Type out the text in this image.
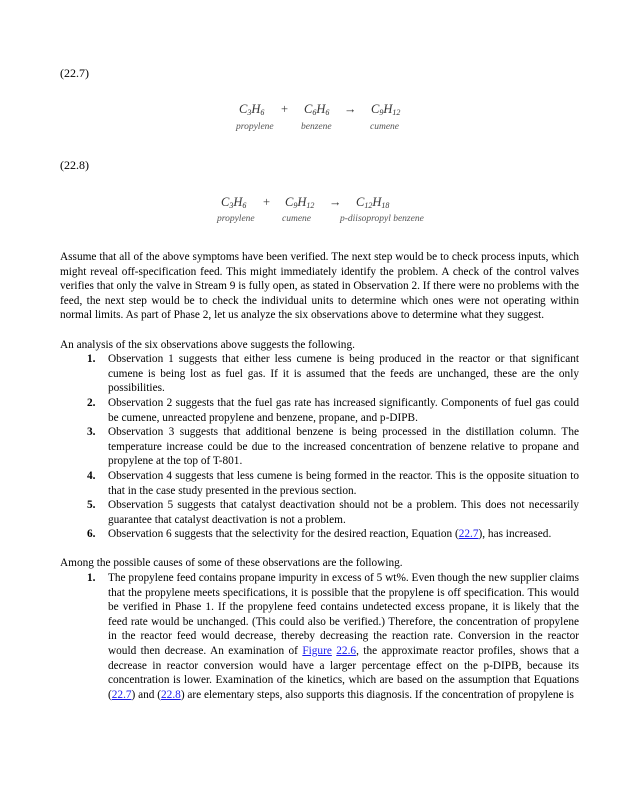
(22.7)
$C_3H_6 + C_6H_6 \to C_9H_{12}$
propylene	benzene	cumene
(22.8)
$C_3H_6 + C_9H_{12} \to C_{12}H_{18}$
propylene	cumene	p-diisopropyl benzene

Assume that all of the above symptoms have been verified. The next step would be to check process inputs, which might reveal off-specification feed. This might immediately identify the problem. A check of the control valves verifies that only the valve in Stream 9 is fully open, as stated in Observation 2. If there were no problems with the feed, the next step would be to check the individual units to determine which ones were not operating within normal limits. As part of Phase 2, let us analyze the six observations above to determine what they suggest.

An analysis of the six observations above suggests the following.

1. Observation 1 suggests that either less cumene is being produced in the reactor or that significant cumene is being lost as fuel gas. If it is assumed that the feeds are unchanged, these are the only possibilities.
2. Observation 2 suggests that the fuel gas rate has increased significantly. Components of fuel gas could be cumene, unreacted propylene and benzene, propane, and p-DIPB.
3. Observation 3 suggests that additional benzene is being processed in the distillation column. The temperature increase could be due to the increased concentration of benzene relative to propane and propylene at the top of T-801.
4. Observation 4 suggests that less cumene is being formed in the reactor. This is the opposite situation to that in the case study presented in the previous section.
5. Observation 5 suggests that catalyst deactivation should not be a problem. This does not necessarily guarantee that catalyst deactivation is not a problem.
6. Observation 6 suggests that the selectivity for the desired reaction, Equation (22.7), has increased.

Among the possible causes of some of these observations are the following.

1. The propylene feed contains propane impurity in excess of 5 wt%. Even though the new supplier claims that the propylene meets specifications, it is possible that the propylene is off specification. This would be verified in Phase 1. If the propylene feed contains undetected excess propane, it is likely that the feed rate would be unchanged. (This could also be verified.) Therefore, the concentration of propylene in the reactor feed would decrease, thereby decreasing the reaction rate. Conversion in the reactor would then decrease. An examination of Figure 22.6, the approximate reactor profiles, shows that a decrease in reactor conversion would have a larger percentage effect on the p-DIPB, because its concentration is lower. Examination of the kinetics, which are based on the assumption that Equations (22.7) and (22.8) are elementary steps, also supports this diagnosis. If the concentration of propylene is
